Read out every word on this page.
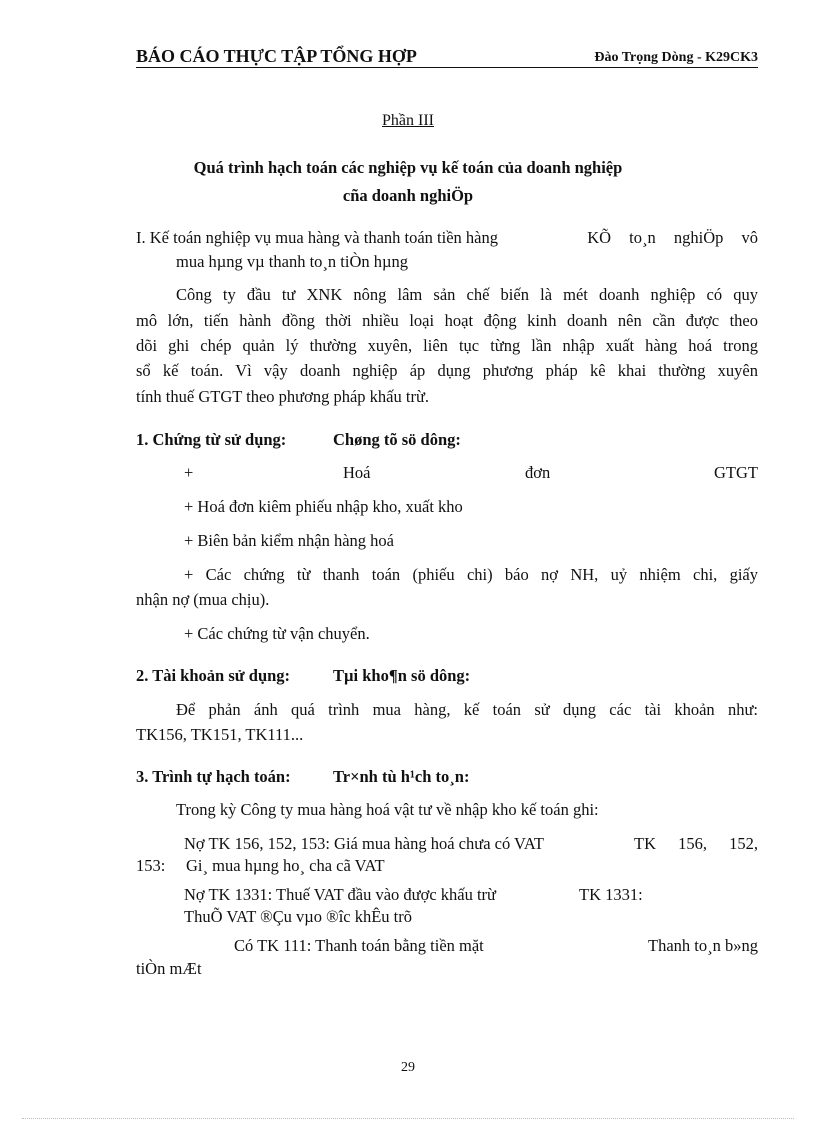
BÁO CÁO THỰC TẬP TỔNG HỢP	Đào Trọng Dòng - K29CK3
Phần III
Quá trình hạch toán các nghiệp vụ kế toán của doanh nghiệp
cña doanh nghiÖp
I. Kế toán nghiệp vụ mua hàng và thanh toán tiền hàng	KÕ to¸n nghiÖp vô
mua hµng vµ thanh to¸n tiÒn hµng
Công ty đầu tư XNK nông lâm sản chế biến là mét doanh nghiệp có quy
mô lớn, tiến hành đồng thời nhiều loại hoạt động kinh doanh nên cần được theo
dõi ghi chép quản lý thường xuyên, liên tục từng lần nhập xuất hàng hoá trong
sổ kế toán. Vì vậy doanh nghiệp áp dụng phương pháp kê khai thường xuyên
tính thuế GTGT theo phương pháp khấu trừ.
1. Chứng từ sử dụng:	Chøng tõ sö dông:
+	Hoá	đơn	GTGT
+ Hoá đơn kiêm phiếu nhập kho, xuất kho
+ Biên bản kiểm nhận hàng hoá
+ Các chứng từ thanh toán (phiếu chi) báo nợ NH, uỷ nhiệm chi, giấy
nhận nợ (mua chịu).
+ Các chứng từ vận chuyển.
2. Tài khoản sử dụng:	Tµi kho¶n sö dông:
Để phản ánh quá trình mua hàng, kế toán sử dụng các tài khoản như:
TK156, TK151, TK111...
3. Trình tự hạch toán:	Tr×nh tù h¹ch to¸n:
Trong kỳ Công ty mua hàng hoá vật tư về nhập kho kế toán ghi:
Nợ TK 156, 152, 153: Giá mua hàng hoá chưa có VAT	TK 156, 152,
153: Gi¸ mua hµng ho¸ cha cã VAT
Nợ TK 1331: Thuế VAT đầu vào được khấu trừ	TK 1331:
ThuÕ VAT ®Çu vµo ®îc khÊu trõ
Có TK 111: Thanh toán bằng tiền mặt	Thanh to¸n b»ng
tiÒn mÆt
29
